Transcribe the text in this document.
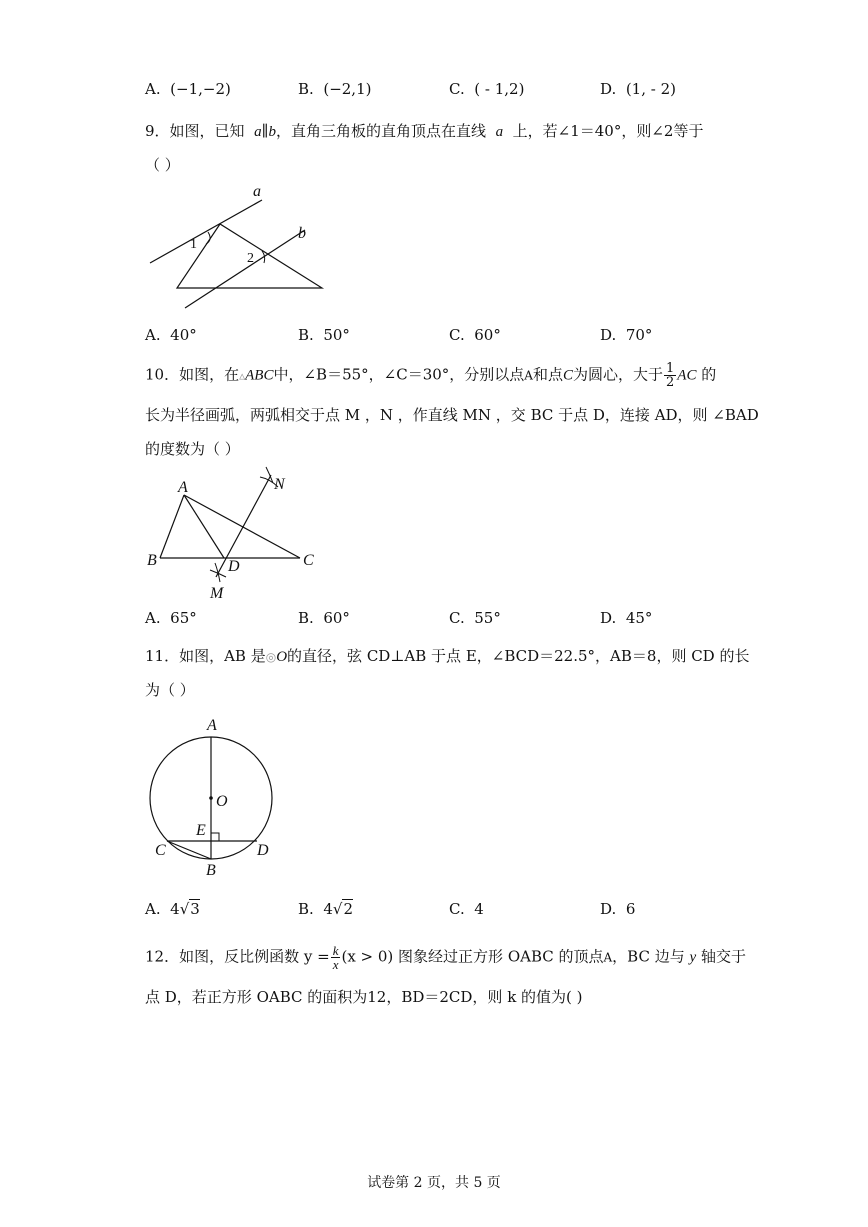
A. (−1,−2)	B. (−2,1)	C. ( - 1,2)	D. (1, - 2)
9．如图，已知 a∥b，直角三角板的直角顶点在直线 a 上，若∠1＝40°，则∠2等于
（ ）
a
b
1
2
A. 40°	B. 50°	C. 60°	D. 70°
10．如图，在▵ABC中，∠B＝55°，∠C＝30°，分别以点A和点C为圆心，大于 $\frac{1}{2}$ AC 的
长为半径画弧，两弧相交于点 M ，N ，作直线 MN ，交 BC 于点 D，连接 AD，则 ∠BAD
的度数为（ ）
A
B	C
D
M
N
A. 65°	B. 60°	C. 55°	D. 45°
11．如图，AB 是◎O的直径，弦 CD⊥AB 于点 E，∠BCD＝22.5°，AB＝8，则 CD 的长
为（ ）
A
O
E
C	D
B
A. 4√3	B. 4√2	C. 4	D. 6
12．如图，反比例函数 $y = \frac{k}{x} (x > 0)$ 图象经过正方形 OABC 的顶点A，BC 边与 y 轴交于
点 D，若正方形 OABC 的面积为12，BD＝2CD，则 k 的值为( )
试卷第 2 页，共 5 页
